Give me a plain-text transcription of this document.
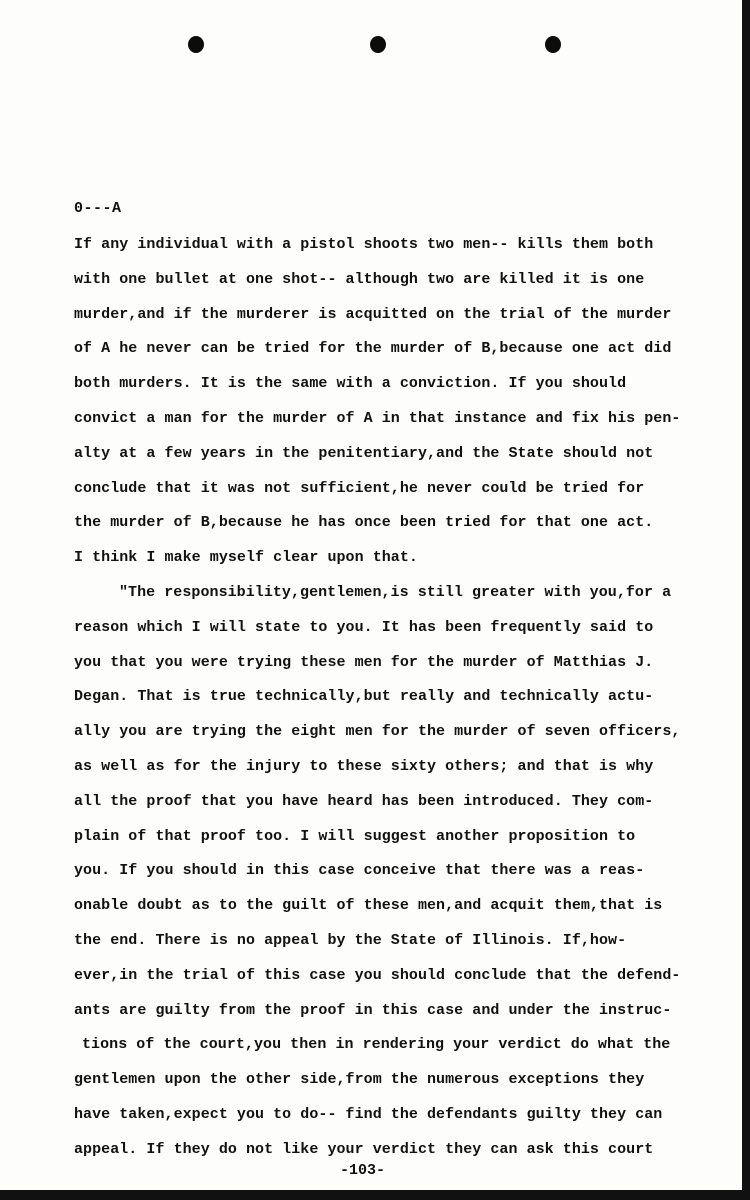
0---A
If any individual with a pistol shoots two men-- kills them both
with one bullet at one shot-- although two are killed it is one
murder,and if the murderer is acquitted on the trial of the murder
of A he never can be tried for the murder of B,because one act did
both murders. It is the same with a conviction. If you should
convict a man for the murder of A in that instance and fix his pen-
alty at a few years in the penitentiary,and the State should not
conclude that it was not sufficient,he never could be tried for
the murder of B,because he has once been tried for that one act.
I think I make myself clear upon that.
"The responsibility,gentlemen,is still greater with you,for a
reason which I will state to you. It has been frequently said to
you that you were trying these men for the murder of Matthias J.
Degan. That is true technically,but really and technically actu-
ally you are trying the eight men for the murder of seven officers,
as well as for the injury to these sixty others; and that is why
all the proof that you have heard has been introduced. They com-
plain of that proof too. I will suggest another proposition to
you. If you should in this case conceive that there was a reas-
onable doubt as to the guilt of these men,and acquit them,that is
the end. There is no appeal by the State of Illinois. If,how-
ever,in the trial of this case you should conclude that the defend-
ants are guilty from the proof in this case and under the instruc-
tions of the court,you then in rendering your verdict do what the
gentlemen upon the other side,from the numerous exceptions they
have taken,expect you to do-- find the defendants guilty they can
appeal. If they do not like your verdict they can ask this court
-103-
